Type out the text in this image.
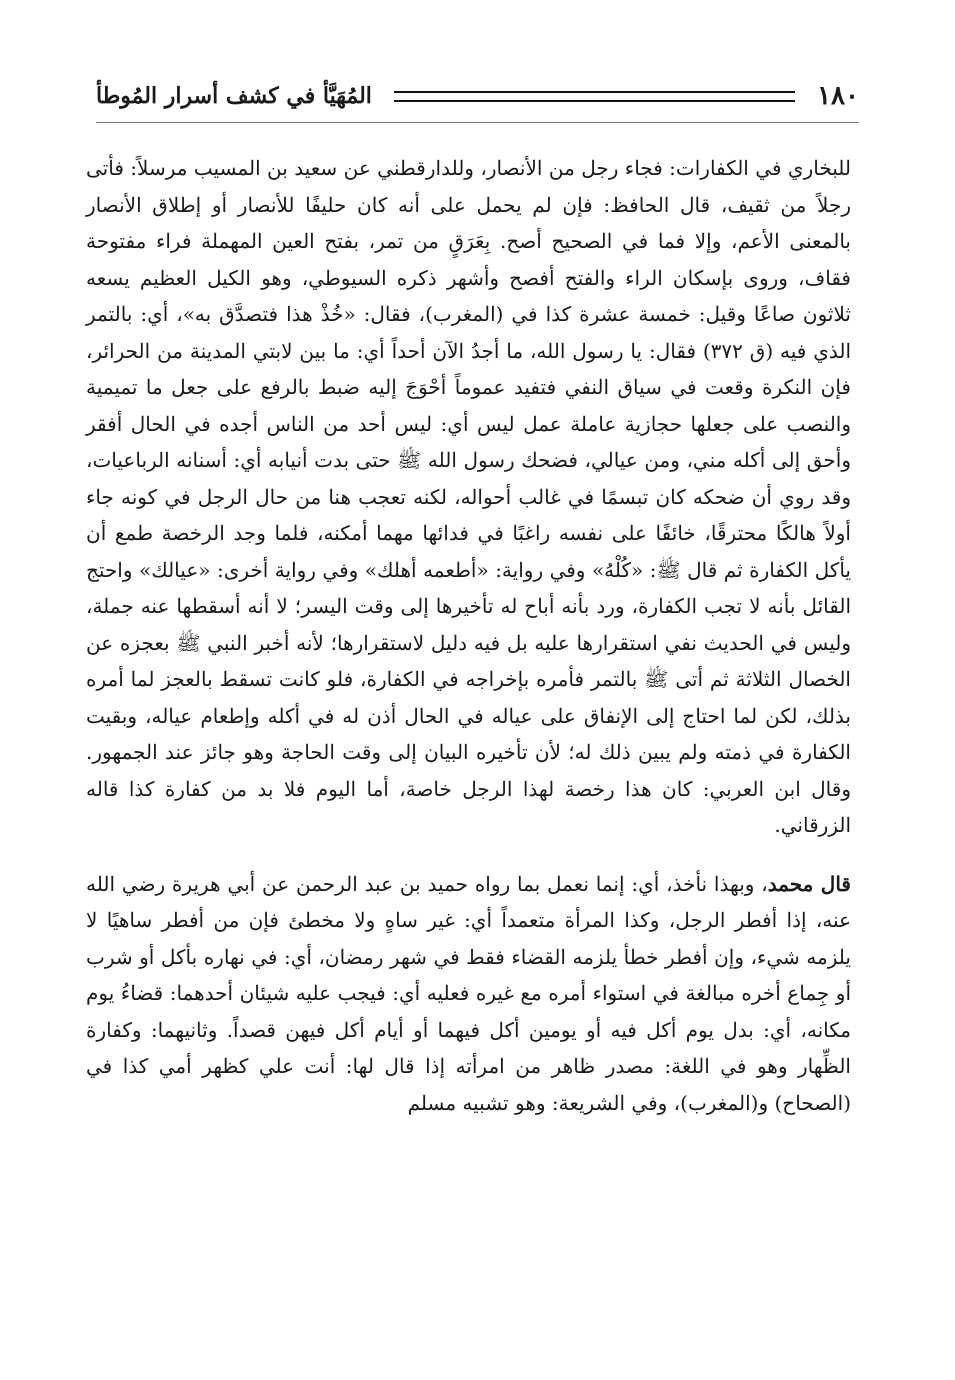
١٨٠
المُهَيَّأ في كشف أسرار المُوطأ

للبخاري في الكفارات: فجاء رجل من الأنصار، وللدارقطني عن سعيد بن المسيب مرسلاً: فأتى رجلاً من ثقيف، قال الحافظ: فإن لم يحمل على أنه كان حليفًا للأنصار أو إطلاق الأنصار بالمعنى الأعم، وإلا فما في الصحيح أصح. بِعَرَقٍ من تمر، بفتح العين المهملة فراء مفتوحة فقاف، وروى بإسكان الراء والفتح أفصح وأشهر ذكره السيوطي، وهو الكيل العظيم يسعه ثلاثون صاعًا وقيل: خمسة عشرة كذا في (المغرب)، فقال: «خُذْ هذا فتصدَّق به»، أي: بالتمر الذي فيه (ق ٣٧٢) فقال: يا رسول الله، ما أجدُ الآن أحداً أي: ما بين لابتي المدينة من الحرائر، فإن النكرة وقعت في سياق النفي فتفيد عموماً أحْوَجَ إليه ضبط بالرفع على جعل ما تميمية والنصب على جعلها حجازية عاملة عمل ليس أي: ليس أحد من الناس أجده في الحال أفقر وأحق إلى أكله مني، ومن عيالي، فضحك رسول الله ﷺ حتى بدت أنيابه أي: أسنانه الرباعيات، وقد روي أن ضحكه كان تبسمًا في غالب أحواله، لكنه تعجب هنا من حال الرجل في كونه جاء أولاً هالكًا محترقًا، خائفًا على نفسه راغبًا في فدائها مهما أمكنه، فلما وجد الرخصة طمع أن يأكل الكفارة ثم قال ﷺ: «كُلْهُ» وفي رواية: «أطعمه أهلك» وفي رواية أخرى: «عيالك» واحتج القائل بأنه لا تجب الكفارة، ورد بأنه أباح له تأخيرها إلى وقت اليسر؛ لا أنه أسقطها عنه جملة، وليس في الحديث نفي استقرارها عليه بل فيه دليل لاستقرارها؛ لأنه أخبر النبي ﷺ بعجزه عن الخصال الثلاثة ثم أتى ﷺ بالتمر فأمره بإخراجه في الكفارة، فلو كانت تسقط بالعجز لما أمره بذلك، لكن لما احتاج إلى الإنفاق على عياله في الحال أذن له في أكله وإطعام عياله، وبقيت الكفارة في ذمته ولم يبين ذلك له؛ لأن تأخيره البيان إلى وقت الحاجة وهو جائز عند الجمهور. وقال ابن العربي: كان هذا رخصة لهذا الرجل خاصة، أما اليوم فلا بد من كفارة كذا قاله الزرقاني.

قال محمد، وبهذا نأخذ، أي: إنما نعمل بما رواه حميد بن عبد الرحمن عن أبي هريرة رضي الله عنه، إذا أفطر الرجل، وكذا المرأة متعمداً أي: غير ساهٍ ولا مخطئ فإن من أفطر ساهيًا لا يلزمه شيء، وإن أفطر خطأ يلزمه القضاء فقط في شهر رمضان، أي: في نهاره بأكل أو شرب أو جِماع أخره مبالغة في استواء أمره مع غيره فعليه أي: فيجب عليه شيئان أحدهما: قضاءُ يوم مكانه، أي: بدل يوم أكل فيه أو يومين أكل فيهما أو أيام أكل فيهن قصداً. وثانيهما: وكفارة الظِّهار وهو في اللغة: مصدر ظاهر من امرأته إذا قال لها: أنت علي كظهر أمي كذا في (الصحاح) و(المغرب)، وفي الشريعة: وهو تشبيه مسلم
